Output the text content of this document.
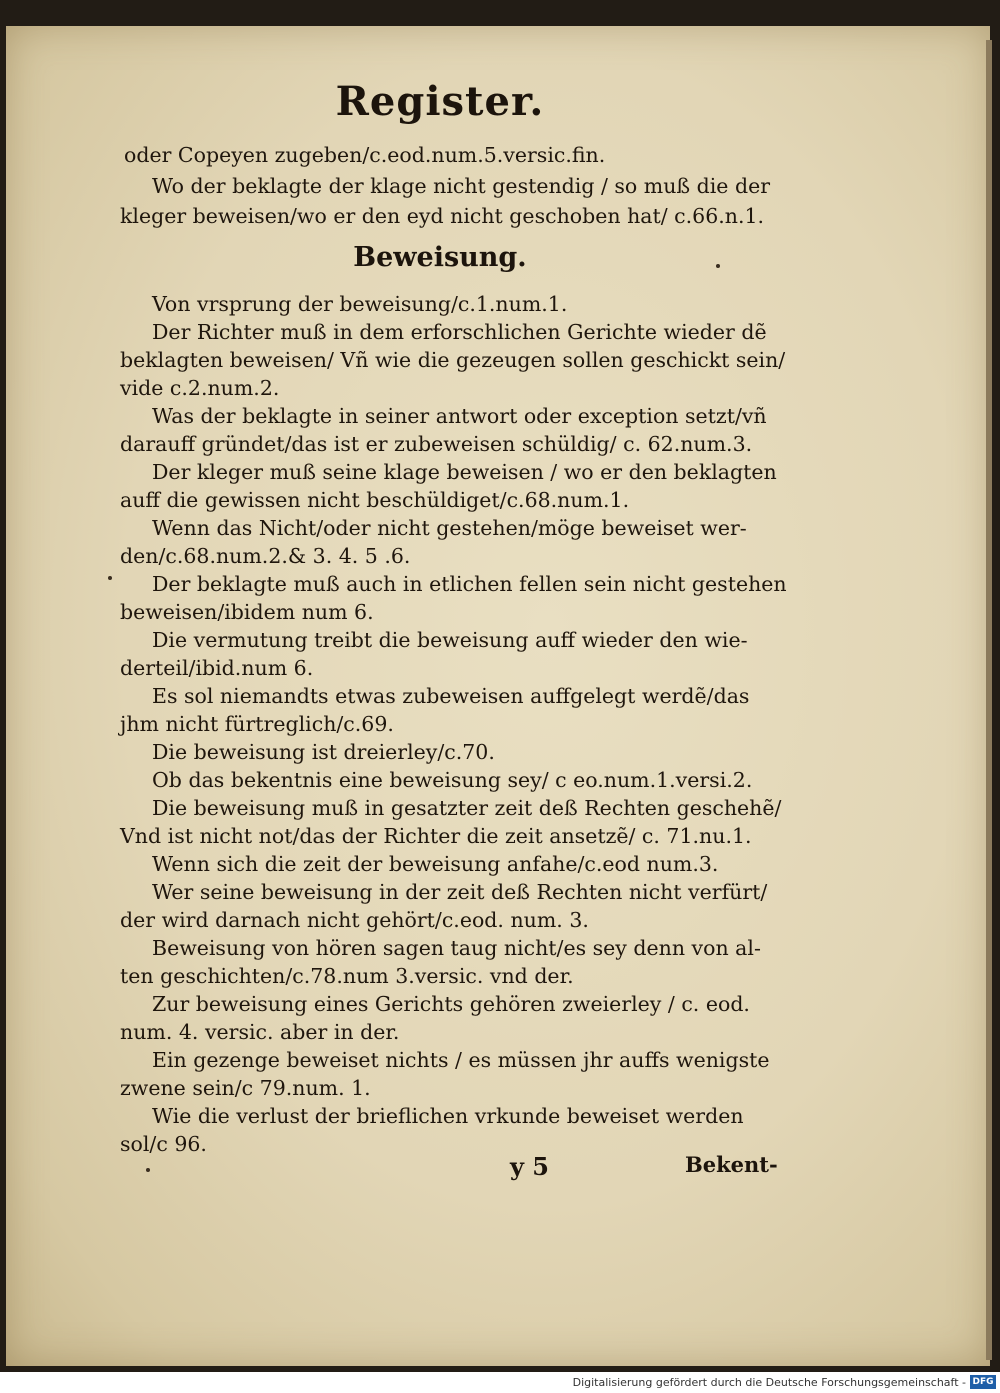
Register.
oder Copeyen zugeben/c.eod.num.5.versic.fin.
Wo der beklagte der klage nicht gestendig / so muß die der
kleger beweisen/wo er den eyd nicht geschoben hat/ c.66.n.1.
Beweisung.
Von vrsprung der beweisung/c.1.num.1.
Der Richter muß in dem erforschlichen Gerichte wieder dẽ
beklagten beweisen/ Vñ wie die gezeugen sollen geschickt sein/
vide c.2.num.2.
Was der beklagte in seiner antwort oder exception setzt/vñ
darauff gründet/das ist er zubeweisen schüldig/ c. 62.num.3.
Der kleger muß seine klage beweisen / wo er den beklagten
auff die gewissen nicht beschüldiget/c.68.num.1.
Wenn das Nicht/oder nicht gestehen/möge beweiset wer-
den/c.68.num.2.& 3. 4. 5 .6.
Der beklagte muß auch in etlichen fellen sein nicht gestehen
beweisen/ibidem num 6.
Die vermutung treibt die beweisung auff wieder den wie-
derteil/ibid.num 6.
Es sol niemandts etwas zubeweisen auffgelegt werdẽ/das
jhm nicht fürtreglich/c.69.
Die beweisung ist dreierley/c.70.
Ob das bekentnis eine beweisung sey/ c eo.num.1.versi.2.
Die beweisung muß in gesatzter zeit deß Rechten geschehẽ/
Vnd ist nicht not/das der Richter die zeit ansetzẽ/ c. 71.nu.1.
Wenn sich die zeit der beweisung anfahe/c.eod num.3.
Wer seine beweisung in der zeit deß Rechten nicht verfürt/
der wird darnach nicht gehört/c.eod. num. 3.
Beweisung von hören sagen taug nicht/es sey denn von al-
ten geschichten/c.78.num 3.versic. vnd der.
Zur beweisung eines Gerichts gehören zweierley / c. eod.
num. 4. versic. aber in der.
Ein gezenge beweiset nichts / es müssen jhr auffs wenigste
zwene sein/c 79.num. 1.
Wie die verlust der brieflichen vrkunde beweiset werden
sol/c 96.
y 5	Bekent-
Digitalisierung gefördert durch die Deutsche Forschungsgemeinschaft - DFG
